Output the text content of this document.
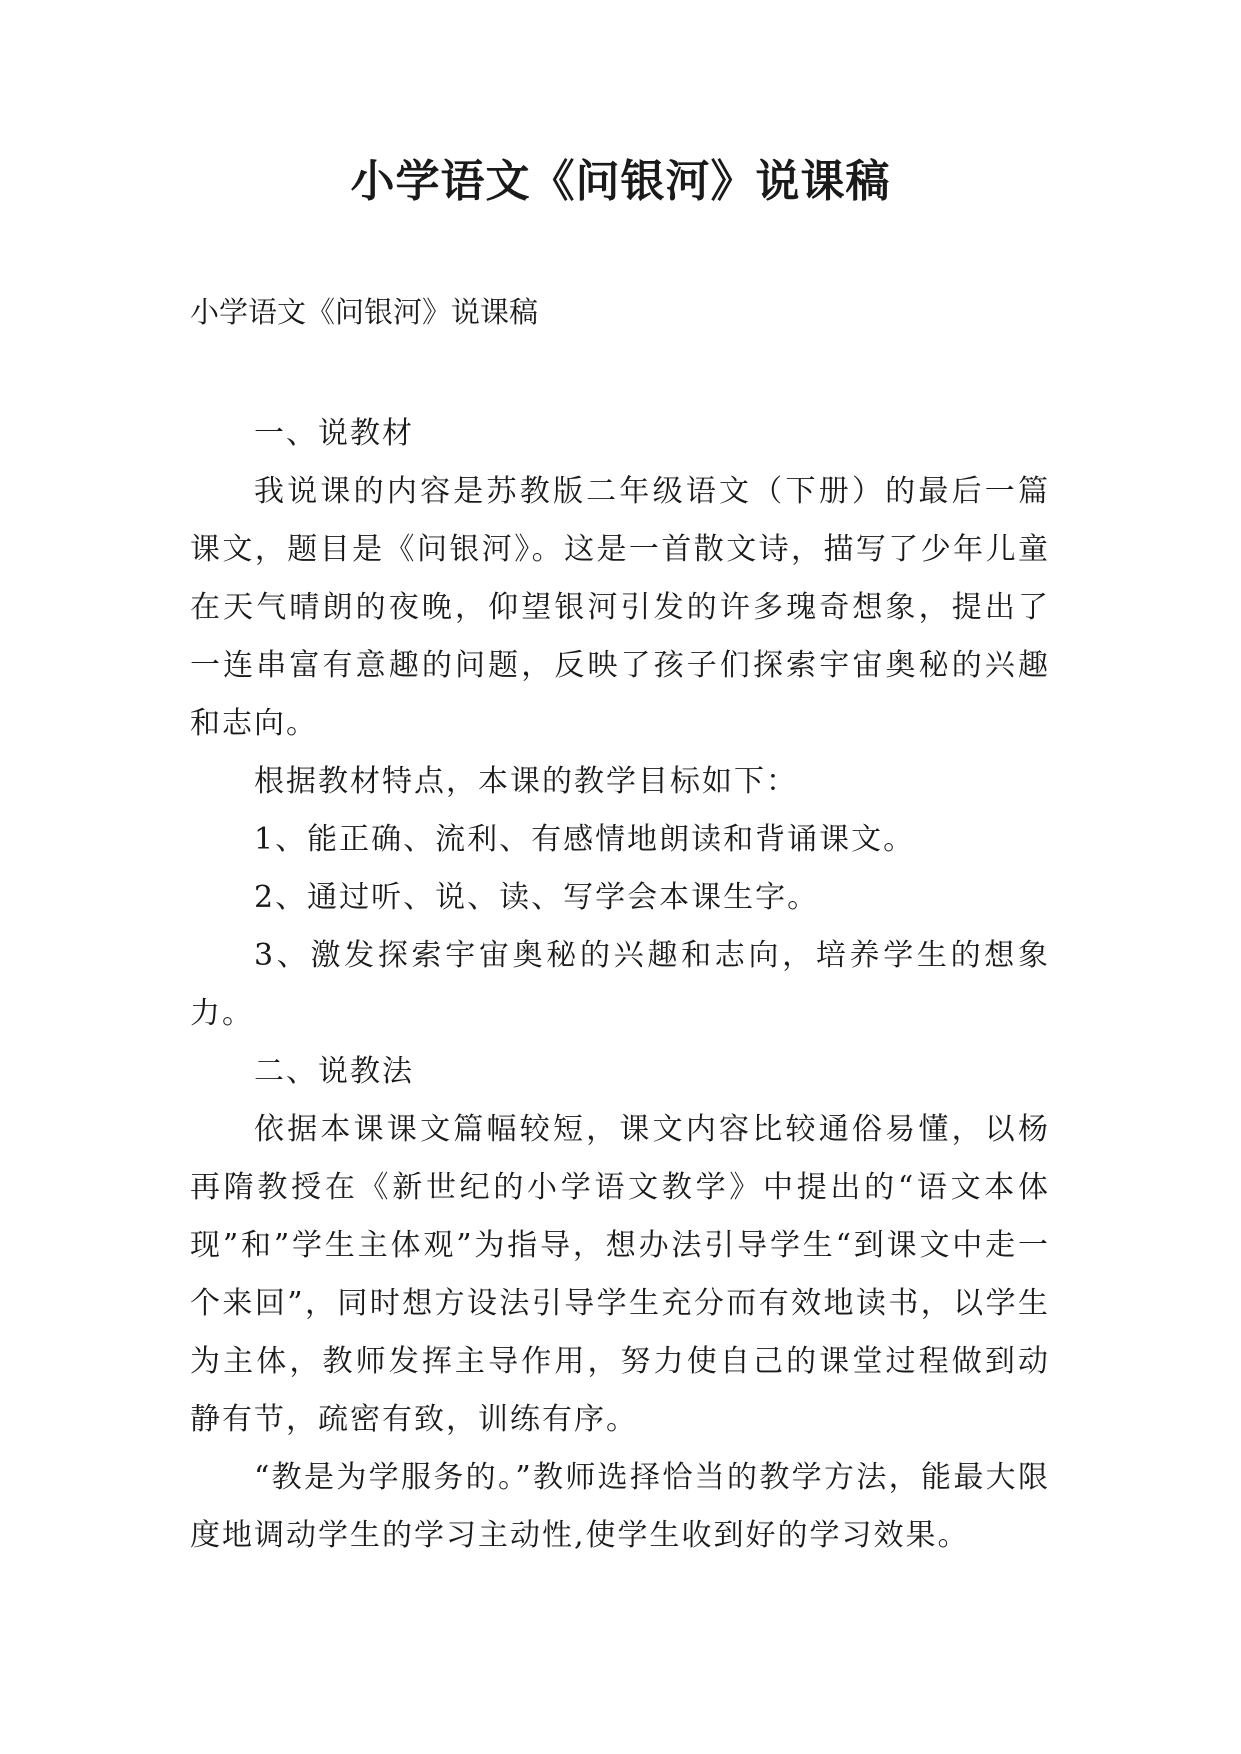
小学语文《问银河》说课稿
小学语文《问银河》说课稿

一、说教材

我说课的内容是苏教版二年级语文（下册）的最后一篇课文，题目是《问银河》。这是一首散文诗，描写了少年儿童在天气晴朗的夜晚，仰望银河引发的许多瑰奇想象，提出了一连串富有意趣的问题，反映了孩子们探索宇宙奥秘的兴趣和志向。

根据教材特点，本课的教学目标如下：

1、能正确、流利、有感情地朗读和背诵课文。

2、通过听、说、读、写学会本课生字。

3、激发探索宇宙奥秘的兴趣和志向，培养学生的想象力。

二、说教法

依据本课课文篇幅较短，课文内容比较通俗易懂，以杨再隋教授在《新世纪的小学语文教学》中提出的“语文本体现”和”学生主体观”为指导，想办法引导学生“到课文中走一个来回”，同时想方设法引导学生充分而有效地读书，以学生为主体，教师发挥主导作用，努力使自己的课堂过程做到动静有节，疏密有致，训练有序。

“教是为学服务的。”教师选择恰当的教学方法，能最大限度地调动学生的学习主动性,使学生收到好的学习效果。
